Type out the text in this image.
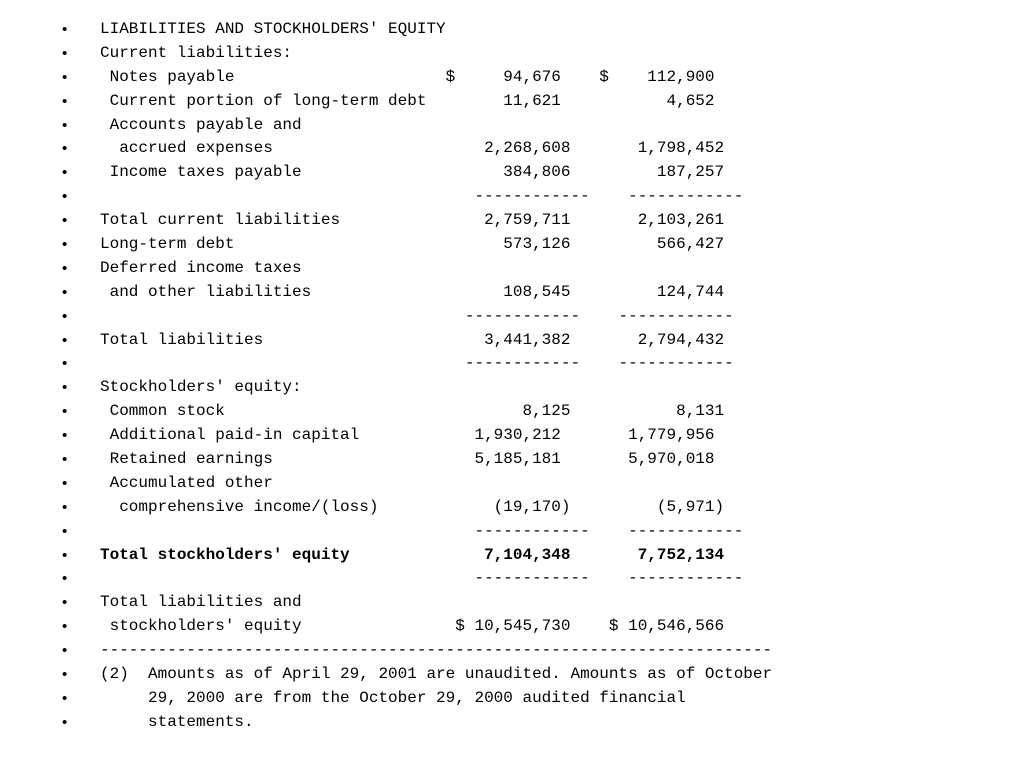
• LIABILITIES AND STOCKHOLDERS' EQUITY
• Current liabilities:
• Notes payable                      $     94,676    $    112,900
• Current portion of long-term debt        11,621           4,652
• Accounts payable and
• accrued expenses                      2,268,608       1,798,452
• Income taxes payable                     384,806         187,257
• ------------    ------------
• Total current liabilities               2,759,711       2,103,261
• Long-term debt                            573,126         566,427
• Deferred income taxes
• and other liabilities                    108,545         124,744
• ------------    ------------
• Total liabilities                       3,441,382       2,794,432
• ------------    ------------
• Stockholders' equity:
• Common stock                               8,125           8,131
• Additional paid-in capital            1,930,212       1,779,956
• Retained earnings                     5,185,181       5,970,018
• Accumulated other
• comprehensive income/(loss)            (19,170)         (5,971)
• ------------    ------------
• Total stockholders' equity              7,104,348       7,752,134
• ------------    ------------
• Total liabilities and
• stockholders' equity                $ 10,545,730    $ 10,546,566
• ----------------------------------------------------------------------
• (2)  Amounts as of April 29, 2001 are unaudited. Amounts as of October
• 29, 2000 are from the October 29, 2000 audited financial
• statements.
